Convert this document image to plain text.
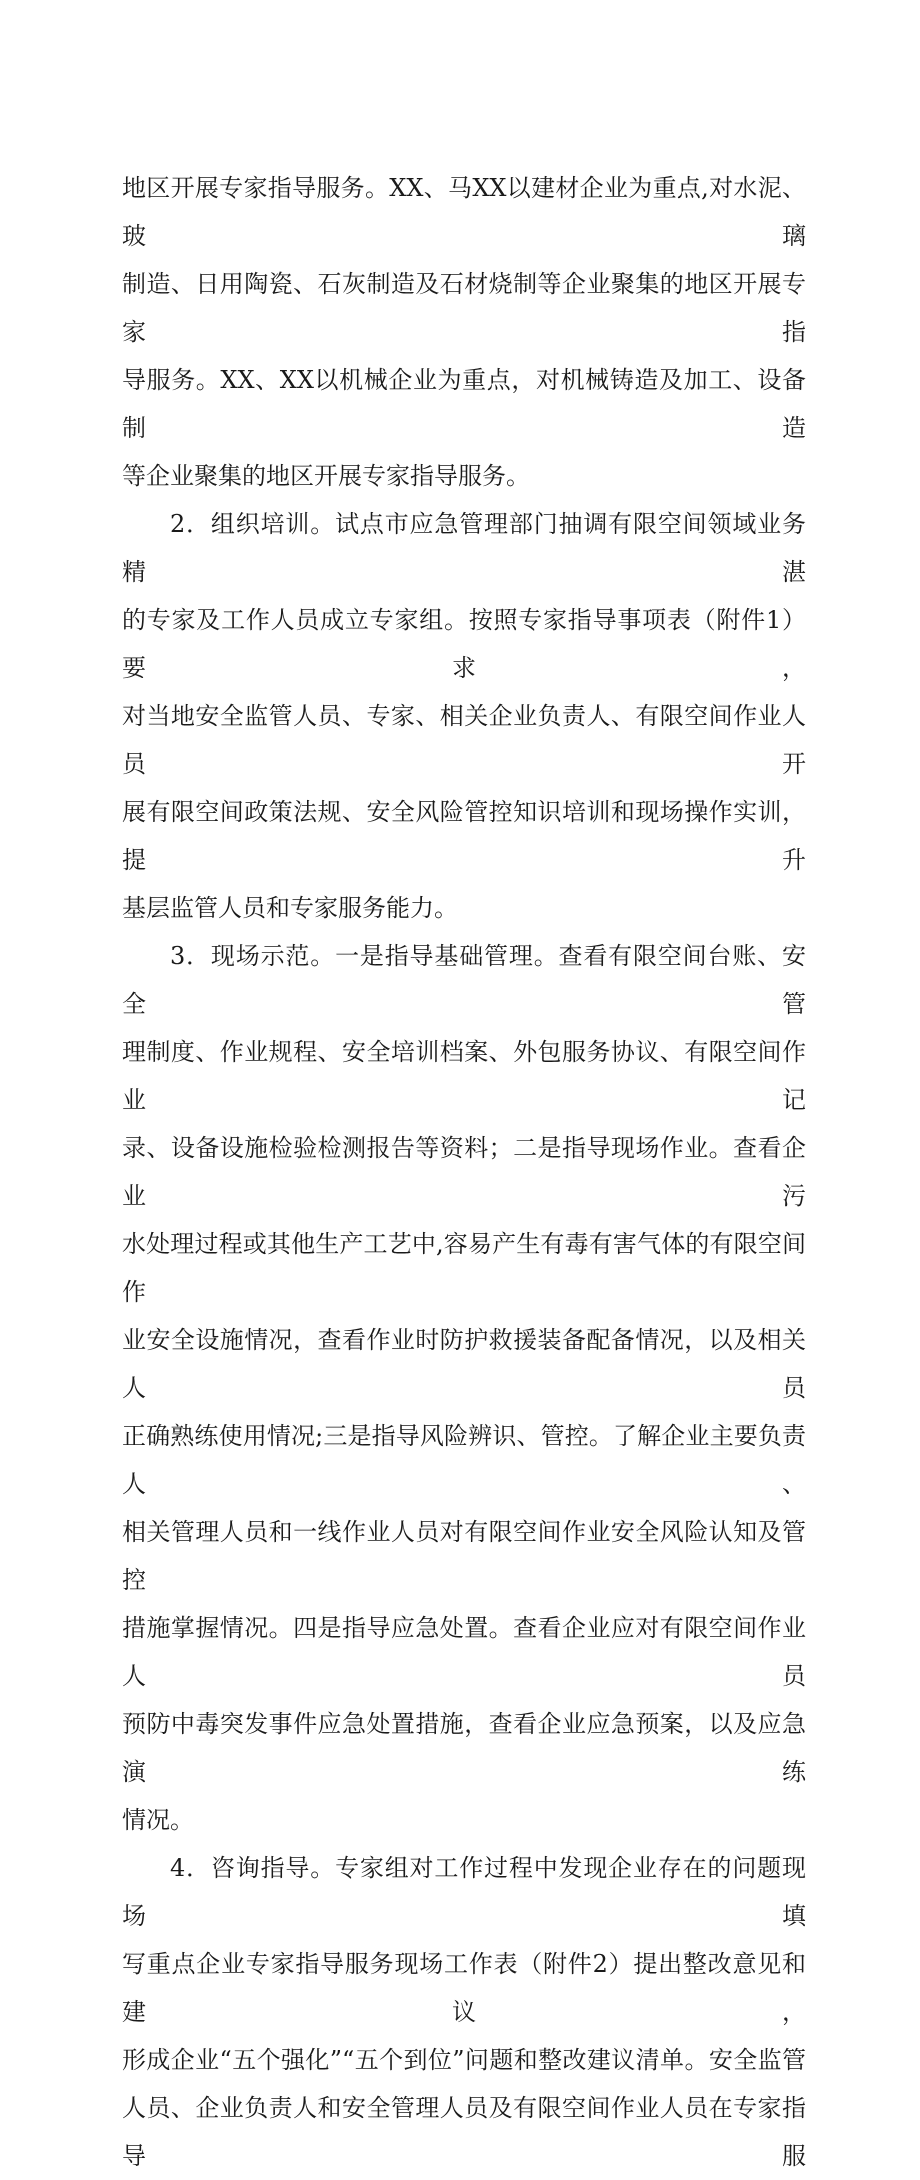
地区开展专家指导服务。XX、马XX以建材企业为重点,对水泥、玻璃
制造、日用陶瓷、石灰制造及石材烧制等企业聚集的地区开展专家指
导服务。XX、XX以机械企业为重点，对机械铸造及加工、设备制造
等企业聚集的地区开展专家指导服务。
2．组织培训。试点市应急管理部门抽调有限空间领域业务精湛
的专家及工作人员成立专家组。按照专家指导事项表（附件1）要求，
对当地安全监管人员、专家、相关企业负责人、有限空间作业人员开
展有限空间政策法规、安全风险管控知识培训和现场操作实训，提升
基层监管人员和专家服务能力。
3．现场示范。一是指导基础管理。查看有限空间台账、安全管
理制度、作业规程、安全培训档案、外包服务协议、有限空间作业记
录、设备设施检验检测报告等资料；二是指导现场作业。查看企业污
水处理过程或其他生产工艺中,容易产生有毒有害气体的有限空间作
业安全设施情况，查看作业时防护救援装备配备情况，以及相关人员
正确熟练使用情况;三是指导风险辨识、管控。了解企业主要负责人、
相关管理人员和一线作业人员对有限空间作业安全风险认知及管控
措施掌握情况。四是指导应急处置。查看企业应对有限空间作业人员
预防中毒突发事件应急处置措施，查看企业应急预案，以及应急演练
情况。
4．咨询指导。专家组对工作过程中发现企业存在的问题现场填
写重点企业专家指导服务现场工作表（附件2）提出整改意见和建议，
形成企业“五个强化”“五个到位”问题和整改建议清单。安全监管
人员、企业负责人和安全管理人员及有限空间作业人员在专家指导服
